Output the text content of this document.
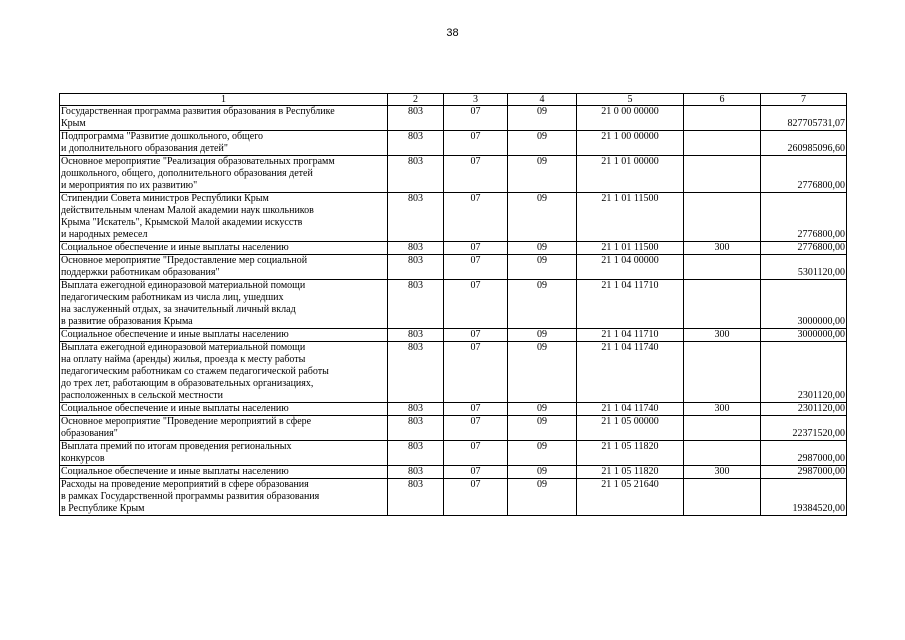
38
1	2	3	4	5	6	7
Государственная программа развития образования в Республике
Крым	803	07	09	21 0 00 00000		827705731,07
Подпрограмма "Развитие дошкольного, общего
и дополнительного образования детей"	803	07	09	21 1 00 00000		260985096,60
Основное мероприятие "Реализация образовательных программ
дошкольного, общего, дополнительного образования детей
и мероприятия по их развитию"	803	07	09	21 1 01 00000		2776800,00
Стипендии Совета министров Республики Крым
действительным членам Малой академии наук школьников
Крыма "Искатель", Крымской Малой академии искусств
и народных ремесел	803	07	09	21 1 01 11500		2776800,00
Социальное обеспечение и иные выплаты населению	803	07	09	21 1 01 11500	300	2776800,00
Основное мероприятие "Предоставление мер социальной
поддержки работникам образования"	803	07	09	21 1 04 00000		5301120,00
Выплата ежегодной единоразовой материальной помощи
педагогическим работникам из числа лиц, ушедших
на заслуженный отдых, за значительный личный вклад
в развитие образования Крыма	803	07	09	21 1 04 11710		3000000,00
Социальное обеспечение и иные выплаты населению	803	07	09	21 1 04 11710	300	3000000,00
Выплата ежегодной единоразовой материальной помощи
на оплату найма (аренды) жилья, проезда к месту работы
педагогическим работникам со стажем педагогической работы
до трех лет, работающим в образовательных организациях,
расположенных в сельской местности	803	07	09	21 1 04 11740		2301120,00
Социальное обеспечение и иные выплаты населению	803	07	09	21 1 04 11740	300	2301120,00
Основное мероприятие "Проведение мероприятий в сфере
образования"	803	07	09	21 1 05 00000		22371520,00
Выплата премий по итогам проведения региональных
конкурсов	803	07	09	21 1 05 11820		2987000,00
Социальное обеспечение и иные выплаты населению	803	07	09	21 1 05 11820	300	2987000,00
Расходы на проведение мероприятий в сфере образования
в рамках Государственной программы развития образования
в Республике Крым	803	07	09	21 1 05 21640		19384520,00
